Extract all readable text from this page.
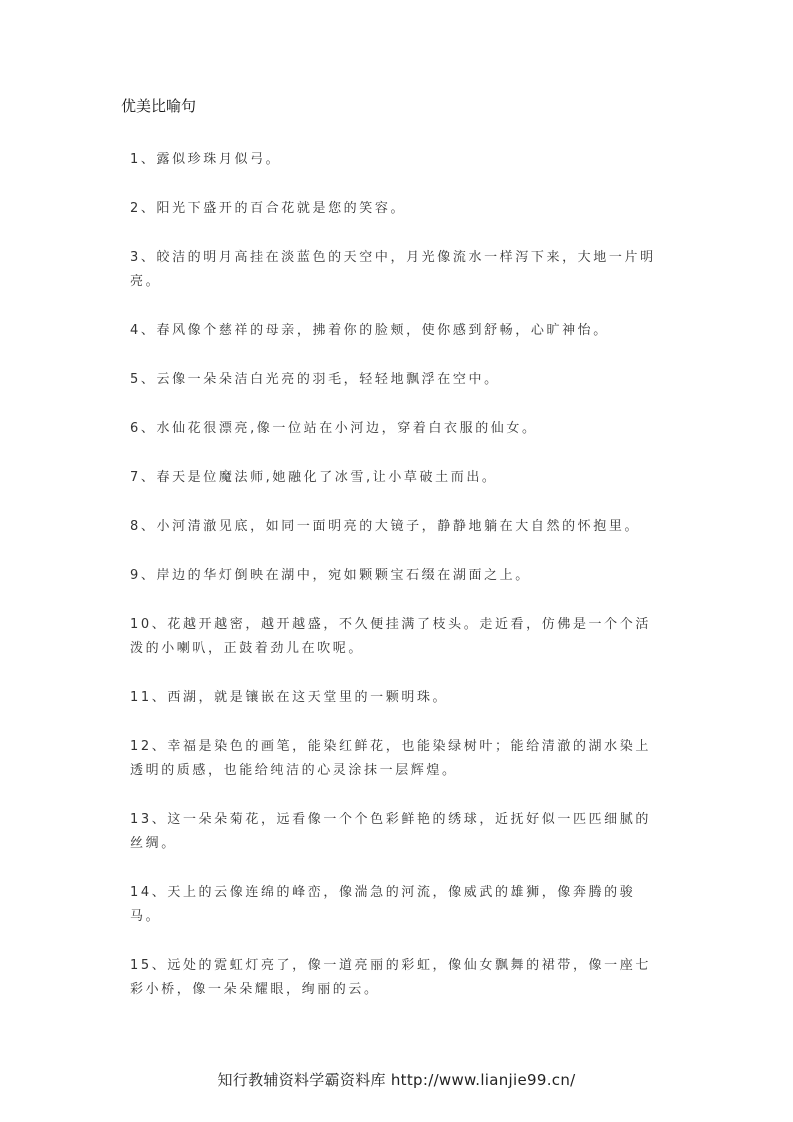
优美比喻句

1、露似珍珠月似弓。

2、阳光下盛开的百合花就是您的笑容。

3、皎洁的明月高挂在淡蓝色的天空中，月光像流水一样泻下来，大地一片明亮。

4、春风像个慈祥的母亲，拂着你的脸颊，使你感到舒畅，心旷神怡。

5、云像一朵朵洁白光亮的羽毛，轻轻地飘浮在空中。

6、水仙花很漂亮,像一位站在小河边，穿着白衣服的仙女。

7、春天是位魔法师,她融化了冰雪,让小草破土而出。

8、小河清澈见底，如同一面明亮的大镜子，静静地躺在大自然的怀抱里。

9、岸边的华灯倒映在湖中，宛如颗颗宝石缀在湖面之上。

10、花越开越密，越开越盛，不久便挂满了枝头。走近看，仿佛是一个个活泼的小喇叭，正鼓着劲儿在吹呢。

11、西湖，就是镶嵌在这天堂里的一颗明珠。

12、幸福是染色的画笔，能染红鲜花，也能染绿树叶；能给清澈的湖水染上透明的质感，也能给纯洁的心灵涂抹一层辉煌。

13、这一朵朵菊花，远看像一个个色彩鲜艳的绣球，近抚好似一匹匹细腻的丝绸。

14、天上的云像连绵的峰峦，像湍急的河流，像威武的雄狮，像奔腾的骏马。

15、远处的霓虹灯亮了，像一道亮丽的彩虹，像仙女飘舞的裙带，像一座七彩小桥，像一朵朵耀眼，绚丽的云。

知行教辅资料学霸资料库 http://www.lianjie99.cn/
